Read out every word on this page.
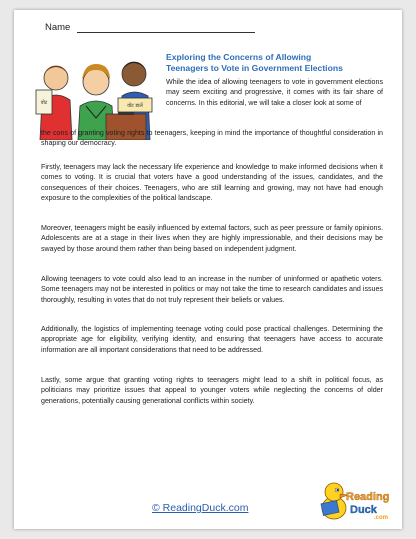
Name
वोट	वोट डालें
Exploring the Concerns of Allowing
Teenagers to Vote in Government Elections

While the idea of allowing teenagers to vote in government elections may seem exciting and progressive, it comes with its fair share of concerns. In this editorial, we will take a closer look at some of

the cons of granting voting rights to teenagers, keeping in mind the importance of thoughtful consideration in shaping our democracy.

Firstly, teenagers may lack the necessary life experience and knowledge to make informed decisions when it comes to voting. It is crucial that voters have a good understanding of the issues, candidates, and the consequences of their choices. Teenagers, who are still learning and growing, may not have had enough exposure to the complexities of the political landscape.

Moreover, teenagers might be easily influenced by external factors, such as peer pressure or family opinions. Adolescents are at a stage in their lives when they are highly impressionable, and their decisions may be swayed by those around them rather than being based on independent judgment.

Allowing teenagers to vote could also lead to an increase in the number of uninformed or apathetic voters. Some teenagers may not be interested in politics or may not take the time to research candidates and issues thoroughly, resulting in votes that do not truly represent their beliefs or values.

Additionally, the logistics of implementing teenage voting could pose practical challenges. Determining the appropriate age for eligibility, verifying identity, and ensuring that teenagers have access to accurate information are all important considerations that need to be addressed.

Lastly, some argue that granting voting rights to teenagers might lead to a shift in political focus, as politicians may prioritize issues that appeal to younger voters while neglecting the concerns of older generations, potentially causing generational conflicts within society.

© ReadingDuck.com
Reading
Duck
.com
